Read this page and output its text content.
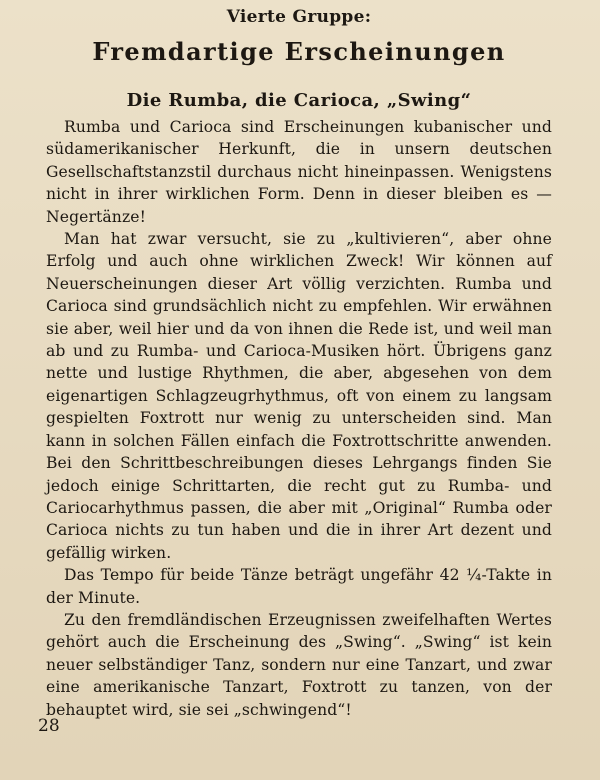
Vierte Gruppe:
Fremdartige Erscheinungen
Die Rumba, die Carioca, „Swing“

Rumba und Carioca sind Erscheinungen kubanischer und südamerikanischer Herkunft, die in unsern deutschen Gesellschaftstanzstil durchaus nicht hineinpassen. Wenigstens nicht in ihrer wirklichen Form. Denn in dieser bleiben es — Negertänze!

Man hat zwar versucht, sie zu „kultivieren“, aber ohne Erfolg und auch ohne wirklichen Zweck! Wir können auf Neuerscheinungen dieser Art völlig verzichten. Rumba und Carioca sind grundsächlich nicht zu empfehlen. Wir erwähnen sie aber, weil hier und da von ihnen die Rede ist, und weil man ab und zu Rumba- und Carioca-Musiken hört. Übrigens ganz nette und lustige Rhythmen, die aber, abgesehen von dem eigenartigen Schlagzeugrhythmus, oft von einem zu langsam gespielten Foxtrott nur wenig zu unterscheiden sind. Man kann in solchen Fällen einfach die Foxtrottschritte anwenden. Bei den Schrittbeschreibungen dieses Lehrgangs finden Sie jedoch einige Schrittarten, die recht gut zu Rumba- und Cariocarhythmus passen, die aber mit „Original“ Rumba oder Carioca nichts zu tun haben und die in ihrer Art dezent und gefällig wirken.

Das Tempo für beide Tänze beträgt ungefähr 42 ¼-Takte in der Minute.

Zu den fremdländischen Erzeugnissen zweifelhaften Wertes gehört auch die Erscheinung des „Swing“. „Swing“ ist kein neuer selbständiger Tanz, sondern nur eine Tanzart, und zwar eine amerikanische Tanzart, Foxtrott zu tanzen, von der behauptet wird, sie sei „schwingend“!

28
